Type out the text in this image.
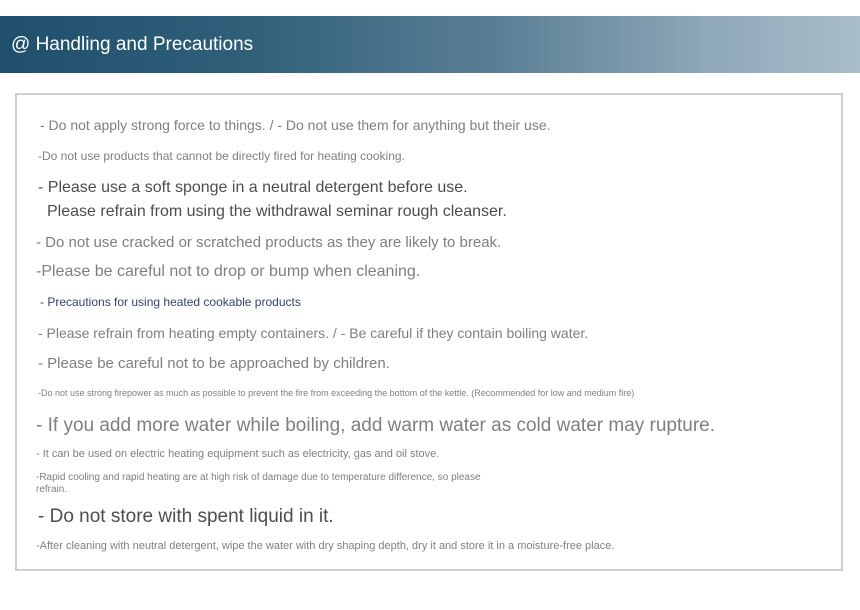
@ Handling and Precautions
- Do not apply strong force to things. / - Do not use them for anything but their use.
-Do not use products that cannot be directly fired for heating cooking.
- Please use a soft sponge in a neutral detergent before use.
Please refrain from using the withdrawal seminar rough cleanser.
- Do not use cracked or scratched products as they are likely to break.
-Please be careful not to drop or bump when cleaning.
- Precautions for using heated cookable products
- Please refrain from heating empty containers. / - Be careful if they contain boiling water.
- Please be careful not to be approached by children.
-Do not use strong firepower as much as possible to prevent the fire from exceeding the bottom of the kettle. (Recommended for low and medium fire)
- If you add more water while boiling, add warm water as cold water may rupture.
- It can be used on electric heating equipment such as electricity, gas and oil stove.
-Rapid cooling and rapid heating are at high risk of damage due to temperature difference, so please
refrain.
- Do not store with spent liquid in it.
-After cleaning with neutral detergent, wipe the water with dry shaping depth, dry it and store it in a moisture-free place.
